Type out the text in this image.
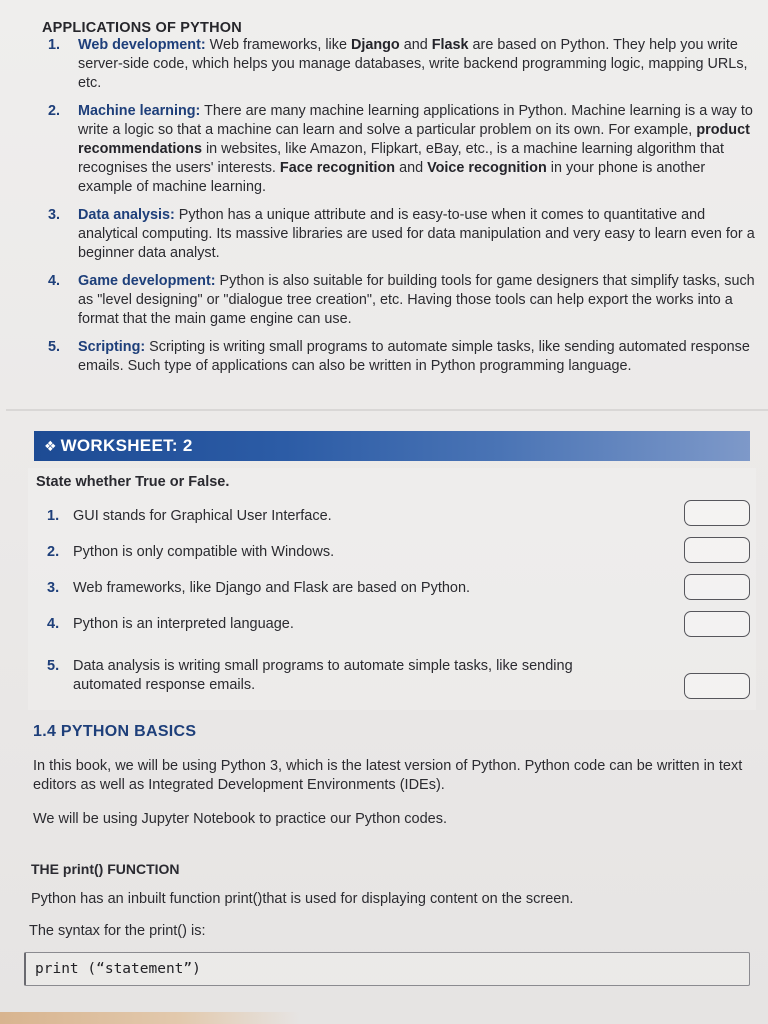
APPLICATIONS OF PYTHON
1. Web development: Web frameworks, like Django and Flask are based on Python. They help you write server-side code, which helps you manage databases, write backend programming logic, mapping URLs, etc.
2. Machine learning: There are many machine learning applications in Python. Machine learning is a way to write a logic so that a machine can learn and solve a particular problem on its own. For example, product recommendations in websites, like Amazon, Flipkart, eBay, etc., is a machine learning algorithm that recognises the users' interests. Face recognition and Voice recognition in your phone is another example of machine learning.
3. Data analysis: Python has a unique attribute and is easy-to-use when it comes to quantitative and analytical computing. Its massive libraries are used for data manipulation and very easy to learn even for a beginner data analyst.
4. Game development: Python is also suitable for building tools for game designers that simplify tasks, such as "level designing" or "dialogue tree creation", etc. Having those tools can help export the works into a format that the main game engine can use.
5. Scripting: Scripting is writing small programs to automate simple tasks, like sending automated response emails. Such type of applications can also be written in Python programming language.
❖ WORKSHEET: 2
State whether True or False.
1. GUI stands for Graphical User Interface.
2. Python is only compatible with Windows.
3. Web frameworks, like Django and Flask are based on Python.
4. Python is an interpreted language.
5. Data analysis is writing small programs to automate simple tasks, like sending automated response emails.
1.4 PYTHON BASICS
In this book, we will be using Python 3, which is the latest version of Python. Python code can be written in text editors as well as Integrated Development Environments (IDEs).
We will be using Jupyter Notebook to practice our Python codes.
THE print() FUNCTION
Python has an inbuilt function print()that is used for displaying content on the screen.
The syntax for the print() is:
print (“statement”)
